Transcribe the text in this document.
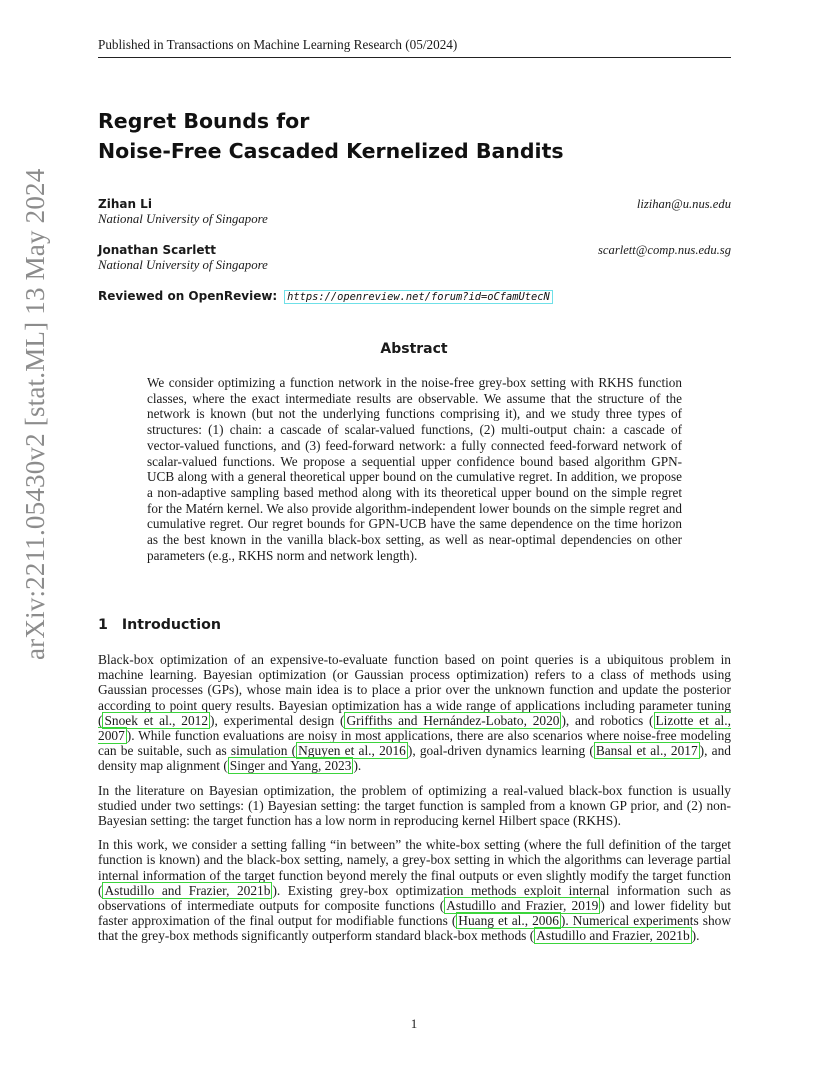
Published in Transactions on Machine Learning Research (05/2024)
arXiv:2211.05430v2 [stat.ML] 13 May 2024
Regret Bounds for
Noise-Free Cascaded Kernelized Bandits
Zihan Li
National University of Singapore
lizihan@u.nus.edu
Jonathan Scarlett
National University of Singapore
scarlett@comp.nus.edu.sg
Reviewed on OpenReview: https://openreview.net/forum?id=oCfamUtecN
Abstract
We consider optimizing a function network in the noise-free grey-box setting with RKHS function classes, where the exact intermediate results are observable. We assume that the structure of the network is known (but not the underlying functions comprising it), and we study three types of structures: (1) chain: a cascade of scalar-valued functions, (2) multi-output chain: a cascade of vector-valued functions, and (3) feed-forward network: a fully connected feed-forward network of scalar-valued functions. We propose a sequential upper confidence bound based algorithm GPN-UCB along with a general theoretical upper bound on the cumulative regret. In addition, we propose a non-adaptive sampling based method along with its theoretical upper bound on the simple regret for the Matérn kernel. We also provide algorithm-independent lower bounds on the simple regret and cumulative regret. Our regret bounds for GPN-UCB have the same dependence on the time horizon as the best known in the vanilla black-box setting, as well as near-optimal dependencies on other parameters (e.g., RKHS norm and network length).
1 Introduction

Black-box optimization of an expensive-to-evaluate function based on point queries is a ubiquitous problem in machine learning. Bayesian optimization (or Gaussian process optimization) refers to a class of methods using Gaussian processes (GPs), whose main idea is to place a prior over the unknown function and update the posterior according to point query results. Bayesian optimization has a wide range of applications including parameter tuning ( Snoek et al., 2012 ), experimental design ( Griffiths and Hernández-Lobato, 2020 ), and robotics ( Lizotte et al., 2007 ). While function evaluations are noisy in most applications, there are also scenarios where noise-free modeling can be suitable, such as simulation ( Nguyen et al., 2016 ), goal-driven dynamics learning ( Bansal et al., 2017 ), and density map alignment ( Singer and Yang, 2023 ).

In the literature on Bayesian optimization, the problem of optimizing a real-valued black-box function is usually studied under two settings: (1) Bayesian setting: the target function is sampled from a known GP prior, and (2) non-Bayesian setting: the target function has a low norm in reproducing kernel Hilbert space (RKHS).

In this work, we consider a setting falling “in between” the white-box setting (where the full definition of the target function is known) and the black-box setting, namely, a grey-box setting in which the algorithms can leverage partial internal information of the target function beyond merely the final outputs or even slightly modify the target function ( Astudillo and Frazier, 2021b ). Existing grey-box optimization methods exploit internal information such as observations of intermediate outputs for composite functions ( Astudillo and Frazier, 2019 ) and lower fidelity but faster approximation of the final output for modifiable functions ( Huang et al., 2006 ). Numerical experiments show that the grey-box methods significantly outperform standard black-box methods ( Astudillo and Frazier, 2021b ).

1
